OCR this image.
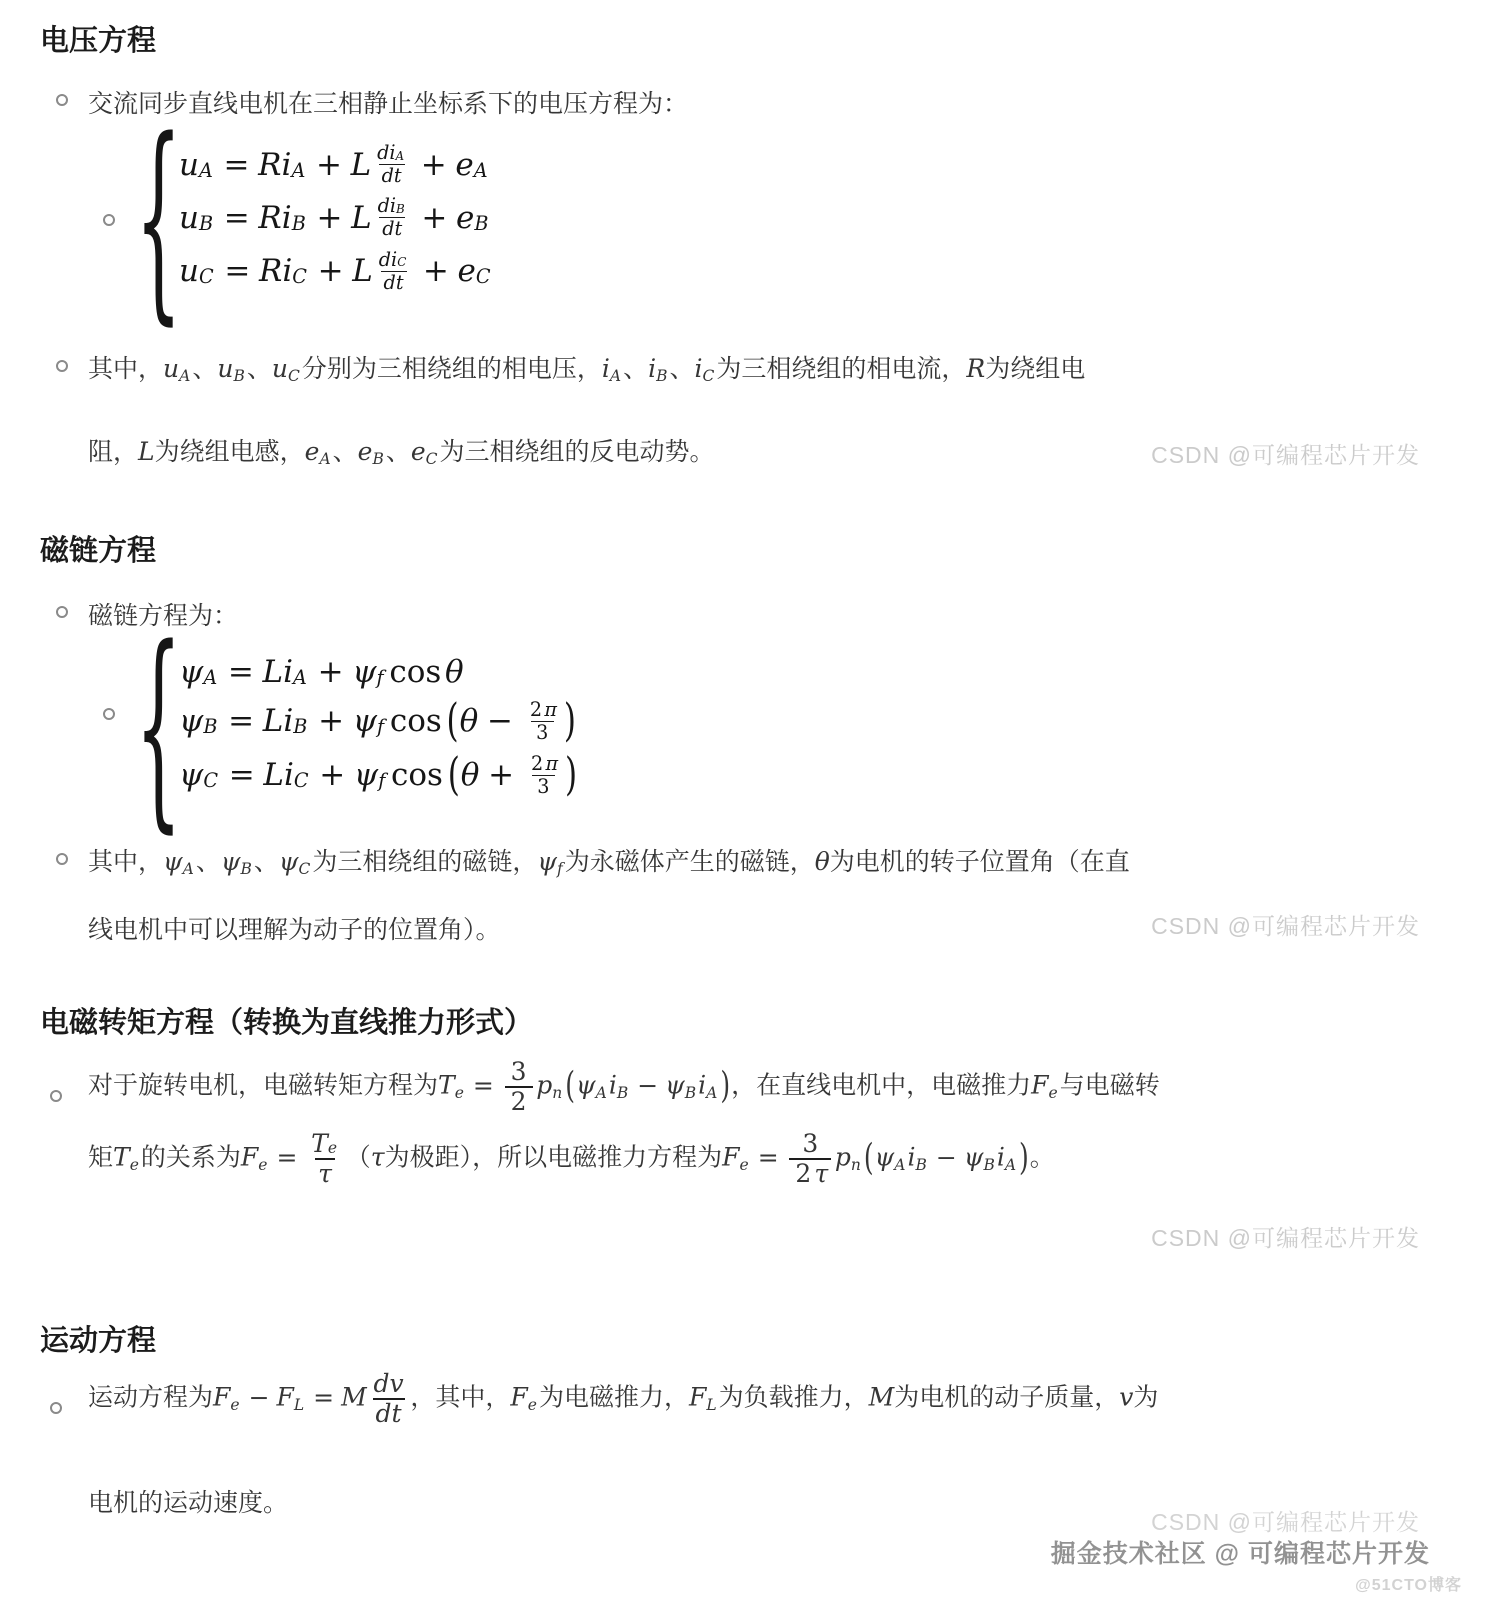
电压方程
交流同步直线电机在三相静止坐标系下的电压方程为：
{
u A = R i A + L di A
dt + e A
u B = R i B + L di B
dt + e B
u C = R i C + L di C
dt + e C
其中，uA、uB、uC分别为三相绕组的相电压，iA、iB、iC为三相绕组的相电流，R为绕组电
阻，L为绕组电感，eA、eB、eC为三相绕组的反电动势。	CSDN @可编程芯片开发
磁链方程
磁链方程为：
{
ψ A = L i A + ψ f cos θ
ψ B = L i B + ψ f cos ( $\theta - \frac{2 \pi}{3}$ )
ψ C = L i C + ψ f cos ( $\theta + \frac{2 \pi}{3}$ )
其中，ψA、ψB、ψC为三相绕组的磁链，ψf为永磁体产生的磁链，θ为电机的转子位置角（在直
线电机中可以理解为动子的位置角）。	CSDN @可编程芯片开发
电磁转矩方程（转换为直线推力形式）
对于旋转电机，电磁转矩方程为$Te = \frac{3}{2}$ pn (ψAiB − ψBiA )，在直线电机中，电磁推力Fe与电磁转
矩Te的关系为$Fe = \frac{\text{T e}}{\tau} (\tau$为极距），所以电磁推力方程为$Fe = \frac{3}{2 \tau}$ pn (ψAiB − ψBiA )。
CSDN @可编程芯片开发
运动方程
运动方程为Fe − FL = M $\frac{dv}{dt}$ ，其中，Fe为电磁推力，FL为负载推力，M为电机的动子质量，v为
电机的运动速度。
CSDN @可编程芯片开发
掘金技术社区 @ 可编程芯片开发
@51CTO博客
